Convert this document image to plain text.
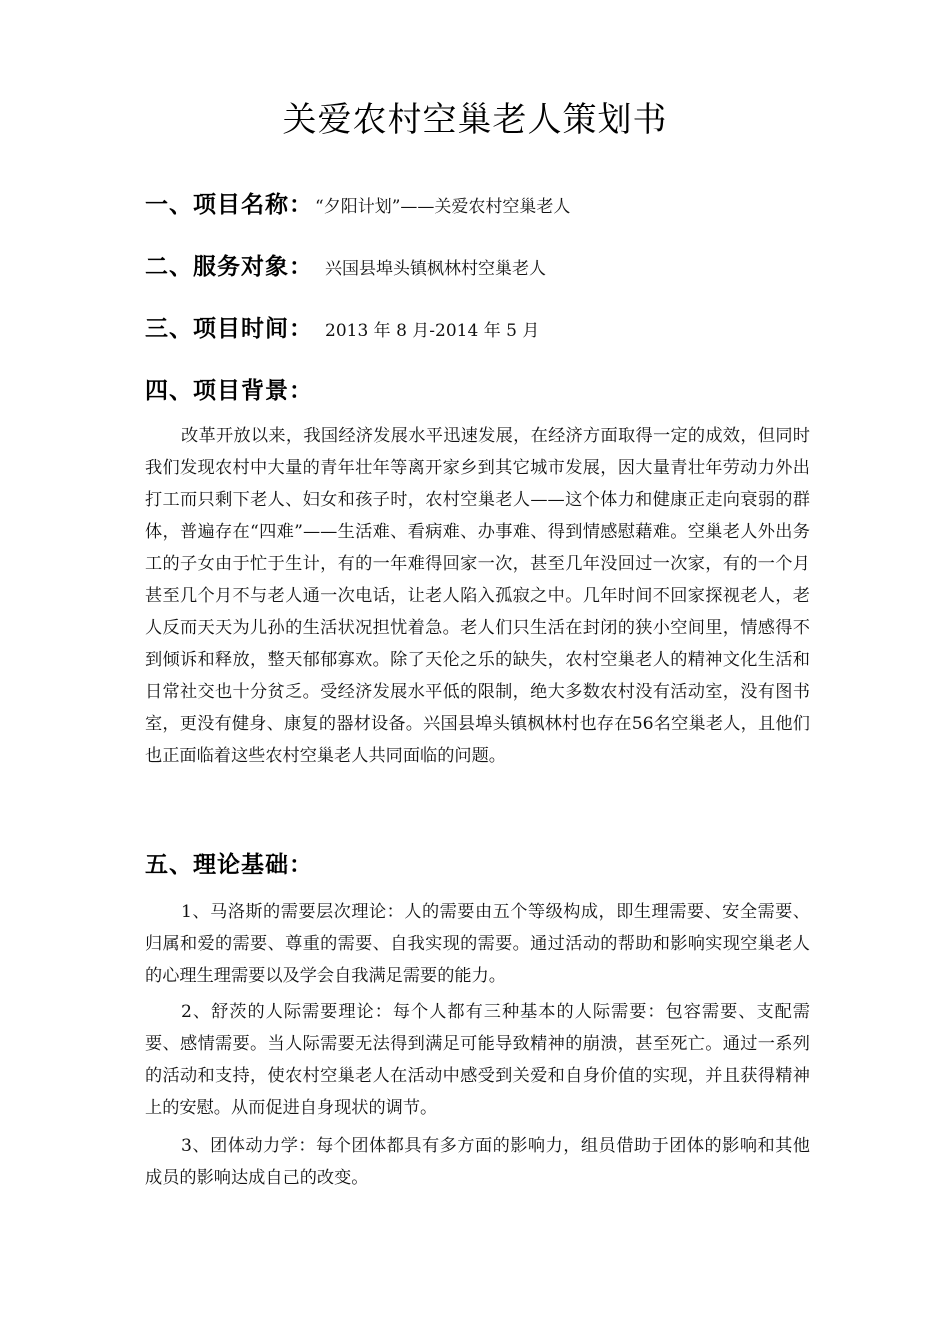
关爱农村空巢老人策划书
一、项目名称： “夕阳计划”——关爱农村空巢老人
二、服务对象： 兴国县埠头镇枫林村空巢老人
三、项目时间： 2013 年 8 月-2014 年 5 月
四、项目背景：

改革开放以来，我国经济发展水平迅速发展，在经济方面取得一定的成效，但同时我们发现农村中大量的青年壮年等离开家乡到其它城市发展，因大量青壮年劳动力外出打工而只剩下老人、妇女和孩子时，农村空巢老人——这个体力和健康正走向衰弱的群体，普遍存在“四难”——生活难、看病难、办事难、得到情感慰藉难。空巢老人外出务工的子女由于忙于生计，有的一年难得回家一次，甚至几年没回过一次家，有的一个月甚至几个月不与老人通一次电话，让老人陷入孤寂之中。几年时间不回家探视老人，老人反而天天为儿孙的生活状况担忧着急。老人们只生活在封闭的狭小空间里，情感得不到倾诉和释放，整天郁郁寡欢。除了天伦之乐的缺失，农村空巢老人的精神文化生活和日常社交也十分贫乏。受经济发展水平低的限制，绝大多数农村没有活动室，没有图书室，更没有健身、康复的器材设备。兴国县埠头镇枫林村也存在56名空巢老人，且他们也正面临着这些农村空巢老人共同面临的问题。

五、理论基础：

1、马洛斯的需要层次理论：人的需要由五个等级构成，即生理需要、安全需要、归属和爱的需要、尊重的需要、自我实现的需要。通过活动的帮助和影响实现空巢老人的心理生理需要以及学会自我满足需要的能力。

2、舒茨的人际需要理论：每个人都有三种基本的人际需要：包容需要、支配需要、感情需要。当人际需要无法得到满足可能导致精神的崩溃，甚至死亡。通过一系列的活动和支持，使农村空巢老人在活动中感受到关爱和自身价值的实现，并且获得精神上的安慰。从而促进自身现状的调节。

3、团体动力学：每个团体都具有多方面的影响力，组员借助于团体的影响和其他成员的影响达成自己的改变。
